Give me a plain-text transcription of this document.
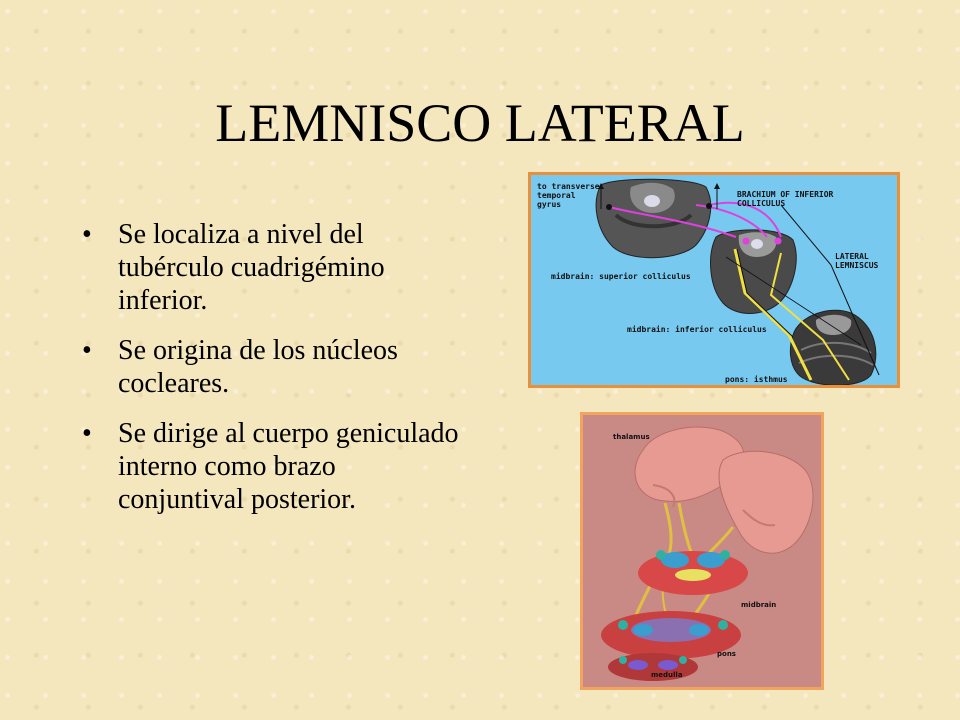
LEMNISCO LATERAL
• Se localiza a nivel del tubérculo cuadrigémino inferior.
• Se origina de los núcleos cocleares.
• Se dirige al cuerpo geniculado interno como brazo conjuntival posterior.
to transverse
temporal
gyrus
BRACHIUM OF INFERIOR
COLLICULUS
LATERAL
LEMNISCUS
midbrain: superior colliculus
midbrain: inferior colliculus
pons: isthmus
thalamus
midbrain
pons
medulla
